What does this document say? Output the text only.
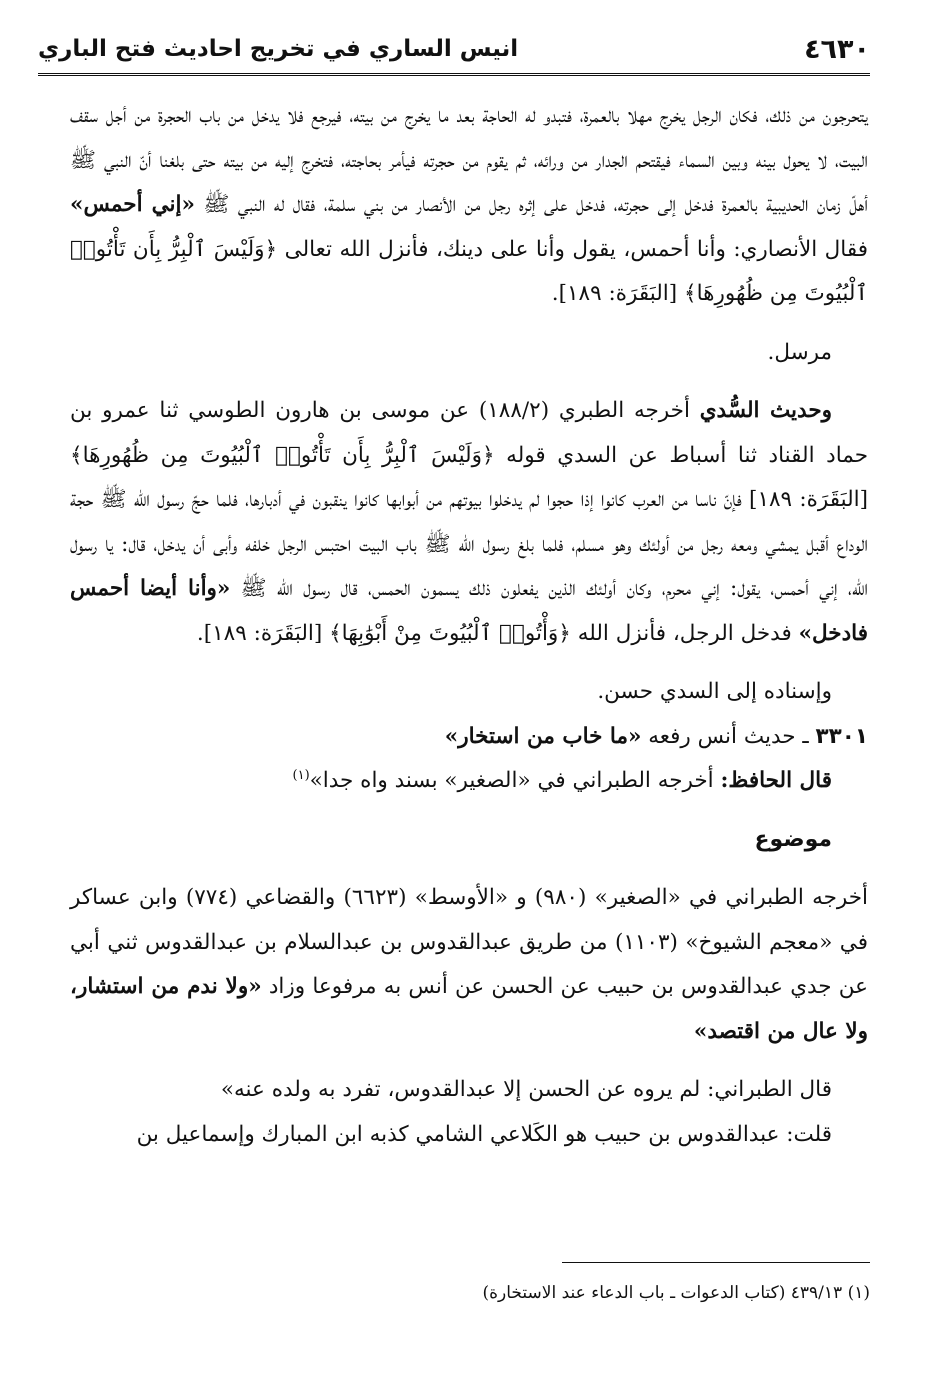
٤٦٣٠
انيس الساري في تخريج احاديث فتح الباري

يتحرجون من ذلك، فكان الرجل يخرج مهلا بالعمرة، فتبدو له الحاجة بعد ما يخرج من بيته، فيرجع فلا يدخل من باب الحجرة من أجل سقف البيت، لا يحول بينه وبين السماء فيقتحم الجدار من ورائه، ثم يقوم من حجرته فيأمر بحاجته، فتخرج إليه من بيته حتى بلغنا أنّ النبي ﷺ أهلّ زمان الحديبية بالعمرة فدخل إلى حجرته، فدخل على إثره رجل من الأنصار من بني سلمة، فقال له النبي ﷺ «إني أحمس» فقال الأنصاري: وأنا أحمس، يقول وأنا على دينك، فأنزل الله تعالى ﴿وَلَيْسَ ٱلْبِرُّ بِأَن تَأْتُوا۟ ٱلْبُيُوتَ مِن ظُهُورِهَا﴾ [البَقَرَة: ١٨٩].

مرسل.

وحديث السُّدي أخرجه الطبري (١٨٨/٢) عن موسى بن هارون الطوسي ثنا عمرو بن حماد القناد ثنا أسباط عن السدي قوله ﴿وَلَيْسَ ٱلْبِرُّ بِأَن تَأْتُوا۟ ٱلْبُيُوتَ مِن ظُهُورِهَا﴾ [البَقَرَة: ١٨٩] فإنّ ناسا من العرب كانوا إذا حجوا لم يدخلوا بيوتهم من أبوابها كانوا ينقبون في أدبارها، فلما حجّ رسول الله ﷺ حجة الوداع أقبل يمشي ومعه رجل من أولئك وهو مسلم، فلما بلغ رسول الله ﷺ باب البيت احتبس الرجل خلفه وأبى أن يدخل، قال: يا رسول الله، إني أحمس، يقول: إني محرم، وكان أولئك الذين يفعلون ذلك يسمون الحمس، قال رسول الله ﷺ «وأنا أيضا أحمس فادخل» فدخل الرجل، فأنزل الله ﴿وَأْتُوا۟ ٱلْبُيُوتَ مِنْ أَبْوَٰبِهَا﴾ [البَقَرَة: ١٨٩].

وإسناده إلى السدي حسن.

٣٣٠١ ـ حديث أنس رفعه «ما خاب من استخار»

قال الحافظ: أخرجه الطبراني في «الصغير» بسند واه جدا»$^{(١)}$

موضوع

أخرجه الطبراني في «الصغير» (٩٨٠) و «الأوسط» (٦٦٢٣) والقضاعي (٧٧٤) وابن عساكر في «معجم الشيوخ» (١١٠٣) من طريق عبدالقدوس بن عبدالسلام بن عبدالقدوس ثني أبي عن جدي عبدالقدوس بن حبيب عن الحسن عن أنس به مرفوعا وزاد «ولا ندم من استشار، ولا عال من اقتصد»

قال الطبراني: لم يروه عن الحسن إلا عبدالقدوس، تفرد به ولده عنه»

قلت: عبدالقدوس بن حبيب هو الكَلاعي الشامي كذبه ابن المبارك وإسماعيل بن

(١) ٤٣٩/١٣ (كتاب الدعوات ـ باب الدعاء عند الاستخارة)
